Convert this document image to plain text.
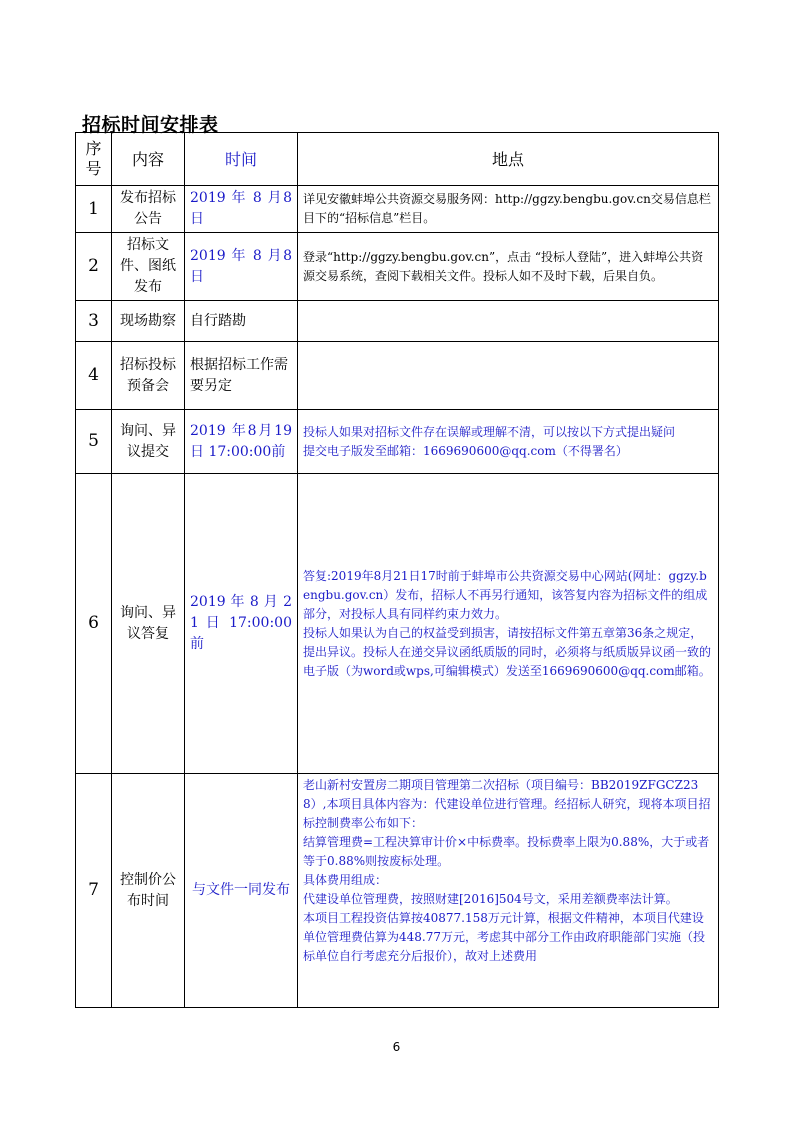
招标时间安排表
序号	内容	时间	地点
1	发布招标公告	2019 年 8 月8日	详见安徽蚌埠公共资源交易服务网：http://ggzy.bengbu.gov.cn交易信息栏目下的“招标信息”栏目。

2	招标文件、图纸发布	2019 年 8 月8日	登录“http://ggzy.bengbu.gov.cn”，点击 “投标人登陆”，进入蚌埠公共资源交易系统，查阅下载相关文件。投标人如不及时下载，后果自负。

3	现场勘察	自行踏勘	
4	招标投标预备会	根据招标工作需要另定	
5	询问、异议提交	2019 年8月19 日 17:00:00前	投标人如果对招标文件存在误解或理解不清，可以按以下方式提出疑问
提交电子版发至邮箱：1669690600@qq.com（不得署名）

6	询问、异议答复	2019 年 8 月 21 日 17:00:00 前	答复:2019年8月21日17时前于蚌埠市公共资源交易中心网站(网址：ggzy.bengbu.gov.cn）发布，招标人不再另行通知，该答复内容为招标文件的组成部分，对投标人具有同样约束力效力。
投标人如果认为自己的权益受到损害，请按招标文件第五章第36条之规定，提出异议。投标人在递交异议函纸质版的同时，必须将与纸质版异议函一致的电子版（为word或wps,可编辑模式）发送至1669690600@qq.com邮箱。

7	控制价公布时间	与文件一同发布	老山新村安置房二期项目管理第二次招标（项目编号：BB2019ZFGCZ238）,本项目具体内容为：代建设单位进行管理。经招标人研究，现将本项目招标控制费率公布如下：
结算管理费=工程决算审计价×中标费率。投标费率上限为0.88%，大于或者等于0.88%则按废标处理。
具体费用组成：
代建设单位管理费，按照财建[2016]504号文，采用差额费率法计算。
本项目工程投资估算按40877.158万元计算，根据文件精神，本项目代建设单位管理费估算为448.77万元，考虑其中部分工作由政府职能部门实施（投标单位自行考虑充分后报价），故对上述费用
6
